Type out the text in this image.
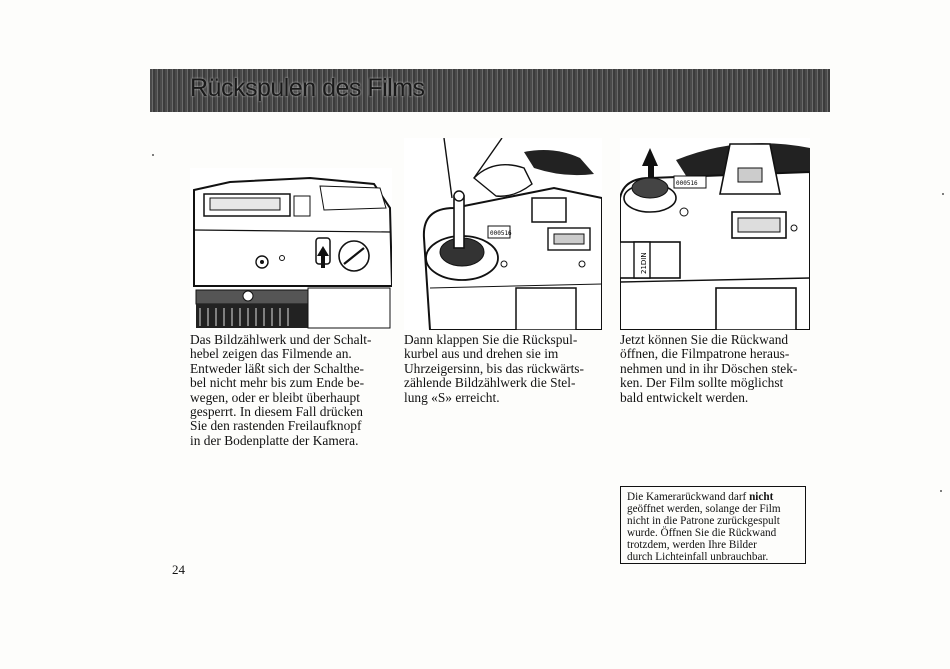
Rückspulen des Films
000516
000516
21DIN

Das Bildzählwerk und der Schalt-
hebel zeigen das Filmende an.
Entweder läßt sich der Schalthe-
bel nicht mehr bis zum Ende be-
wegen, oder er bleibt überhaupt
gesperrt. In diesem Fall drücken
Sie den rastenden Freilaufknopf
in der Bodenplatte der Kamera.

Dann klappen Sie die Rückspul-
kurbel aus und drehen sie im
Uhrzeigersinn, bis das rückwärts-
zählende Bildzählwerk die Stel-
lung «S» erreicht.

Jetzt können Sie die Rückwand
öffnen, die Filmpatrone heraus-
nehmen und in ihr Döschen stek-
ken. Der Film sollte möglichst
bald entwickelt werden.

Die Kamerarückwand darf nicht
geöffnet werden, solange der Film
nicht in die Patrone zurückgespult
wurde. Öffnen Sie die Rückwand
trotzdem, werden Ihre Bilder
durch Lichteinfall unbrauchbar.
24
